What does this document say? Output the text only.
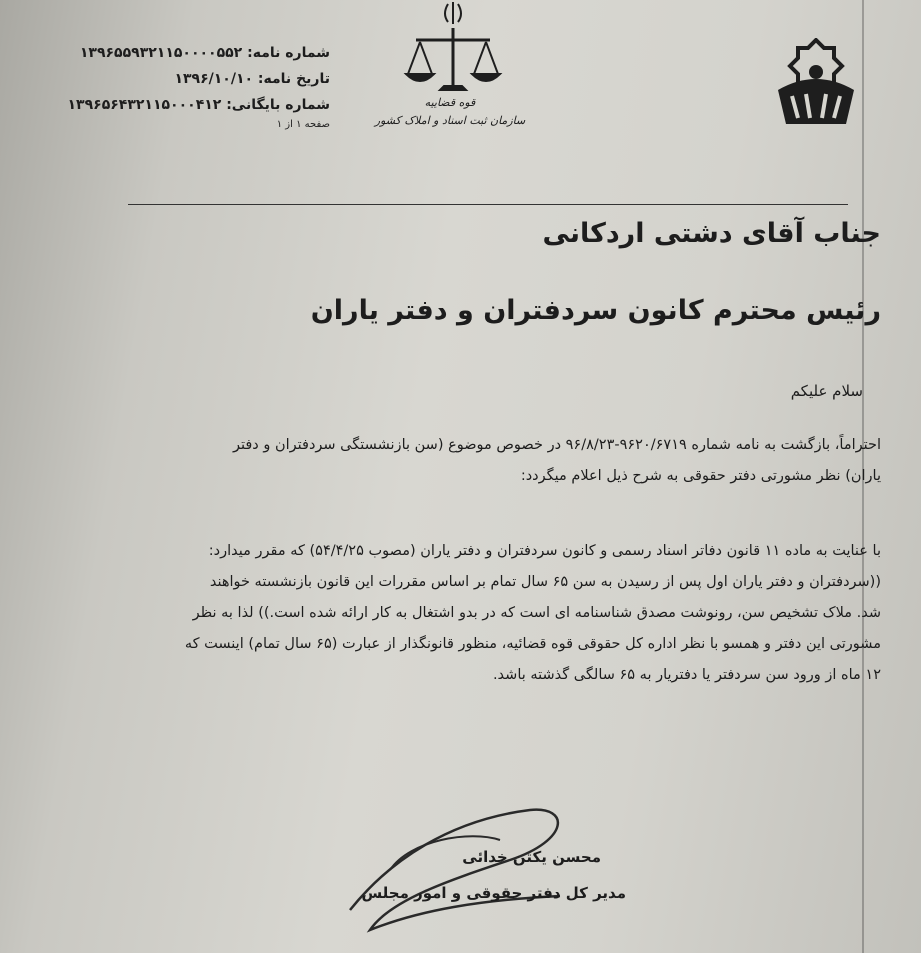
شماره نامه: ۱۳۹۶۵۵۹۳۲۱۱۵۰۰۰۰۵۵۲
تاریخ نامه: ۱۳۹۶/۱۰/۱۰
شماره بایگانی: ۱۳۹۶۵۶۴۳۲۱۱۵۰۰۰۴۱۲
صفحه ۱ از ۱
قوه قضاییه
سازمان ثبت اسناد و املاک کشور
جناب آقای دشتی اردکانی
رئیس محترم کانون سردفتران و دفتر یاران
سلام علیکم
احتراماً، بازگشت به نامه شماره ۹۶۲۰/۶۷۱۹-۹۶/۸/۲۳ در خصوص موضوع (سن بازنشستگی سردفتران و دفتر
یاران) نظر مشورتی دفتر حقوقی به شرح ذیل اعلام میگردد:
با عنایت به ماده ۱۱ قانون دفاتر اسناد رسمی و کانون سردفتران و دفتر یاران (مصوب ۵۴/۴/۲۵) که مقرر میدارد:
((سردفتران و دفتر یاران اول پس از رسیدن به سن ۶۵ سال تمام بر اساس مقررات این قانون بازنشسته خواهند
شد. ملاک تشخیص سن، رونوشت مصدق شناسنامه ای است که در بدو اشتغال به کار ارائه شده است.)) لذا به نظر
مشورتی این دفتر و همسو با نظر اداره کل حقوقی قوه قضائیه، منظور قانونگذار از عبارت (۶۵ سال تمام) اینست که
۱۲ ماه از ورود سن سردفتر یا دفتریار به ۶۵ سالگی گذشته باشد.
محسن یکتن خدائی
مدیر کل دفتر حقوقی و امور مجلس
